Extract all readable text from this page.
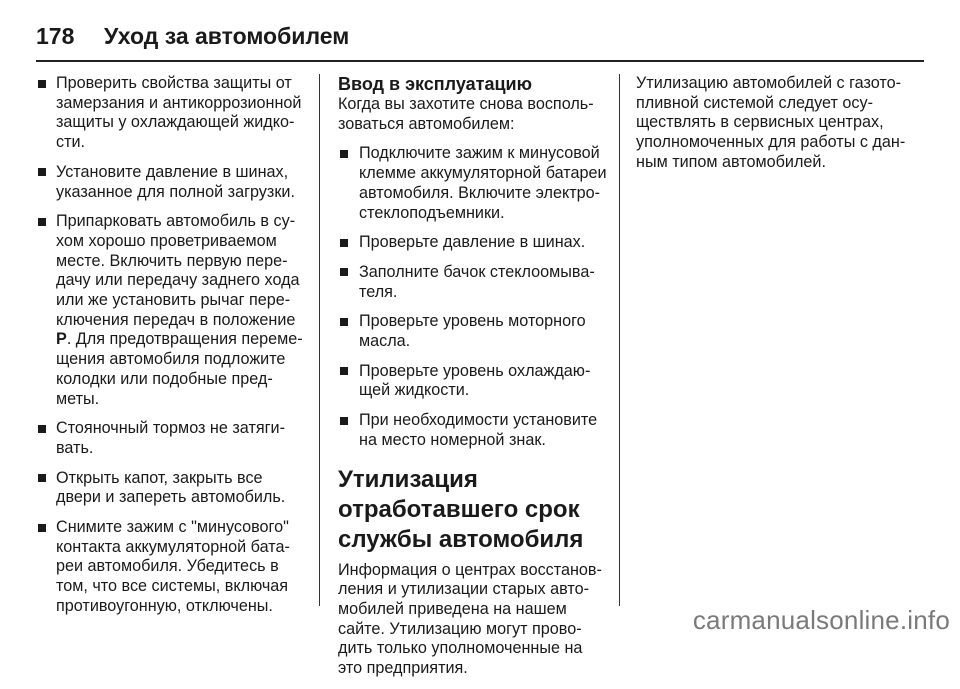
178	Уход за автомобилем
Проверить свойства защиты от замерзания и антикоррозионной защиты у охлаждающей жидко-сти.
Установите давление в шинах, указанное для полной загрузки.
Припарковать автомобиль в су-хом хорошо проветриваемом месте. Включить первую пере-дачу или передачу заднего хода или же установить рычаг пере-ключения передач в положение P. Для предотвращения переме-щения автомобиля подложите колодки или подобные пред-меты.
Стояночный тормоз не затяги-вать.
Открыть капот, закрыть все двери и запереть автомобиль.
Снимите зажим с "минусового" контакта аккумуляторной бата-реи автомобиля. Убедитесь в том, что все системы, включая противоугонную, отключены.
Ввод в эксплуатацию

Когда вы захотите снова восполь-зоваться автомобилем:

Подключите зажим к минусовой клемме аккумуляторной батареи автомобиля. Включите электро-стеклоподъемники.
Проверьте давление в шинах.
Заполните бачок стеклоомыва-теля.
Проверьте уровень моторного масла.
Проверьте уровень охлаждаю-щей жидкости.
При необходимости установите на место номерной знак.
Утилизация отработавшего срок службы автомобиля

Информация о центрах восстанов-ления и утилизации старых авто-мобилей приведена на нашем сайте. Утилизацию могут прово-дить только уполномоченные на это предприятия.

Утилизацию автомобилей с газото-пливной системой следует осу-ществлять в сервисных центрах, уполномоченных для работы с дан-ным типом автомобилей.

carmanualsonline.info
